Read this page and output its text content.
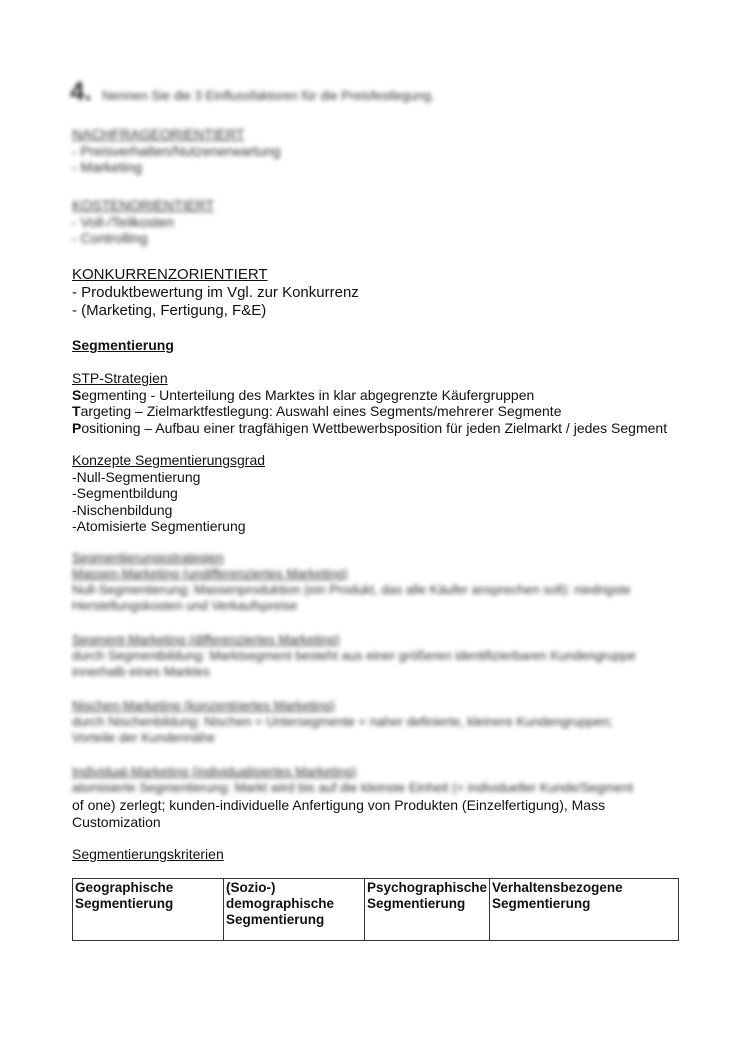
4. Nennen Sie die 3 Einflussfaktoren für die Preisfestlegung.
NACHFRAGEORIENTIERT
- Preisverhalten/Nutzenerwartung
- Marketing
KOSTENORIENTIERT
- Voll-/Teilkosten
- Controlling
KONKURRENZORIENTIERT
- Produktbewertung im Vgl. zur Konkurrenz
- (Marketing, Fertigung, F&E)
Segmentierung
STP-Strategien
Segmenting - Unterteilung des Marktes in klar abgegrenzte Käufergruppen
Targeting – Zielmarktfestlegung: Auswahl eines Segments/mehrerer Segmente
Positioning – Aufbau einer tragfähigen Wettbewerbsposition für jeden Zielmarkt / jedes Segment
Konzepte Segmentierungsgrad
-Null-Segmentierung
-Segmentbildung
-Nischenbildung
-Atomisierte Segmentierung
Segmentierungsstrategien
Massen-Marketing (undifferenziertes Marketing)
Null-Segmentierung; Massenproduktion (ein Produkt, das alle Käufer ansprechen soll): niedrigste
Herstellungskosten und Verkaufspreise
Segment-Marketing (differenziertes Marketing)
durch Segmentbildung: Marktsegment besteht aus einer größeren identifizierbaren Kundengruppe
innerhalb eines Marktes
Nischen-Marketing (konzentriertes Marketing)
durch Nischenbildung: Nischen = Untersegmente = naher definierte, kleinere Kundengruppen;
Vorteile der Kundennähe
Individual-Marketing (individualisiertes Marketing)
atomisierte Segmentierung: Markt wird bis auf die kleinste Einheit (= individueller Kunde/Segment
of one) zerlegt; kunden-individuelle Anfertigung von Produkten (Einzelfertigung), Mass
Customization
Segmentierungskriterien
Geographische Segmentierung	(Sozio-) demographische Segmentierung	Psychographische Segmentierung	Verhaltensbezogene Segmentierung
